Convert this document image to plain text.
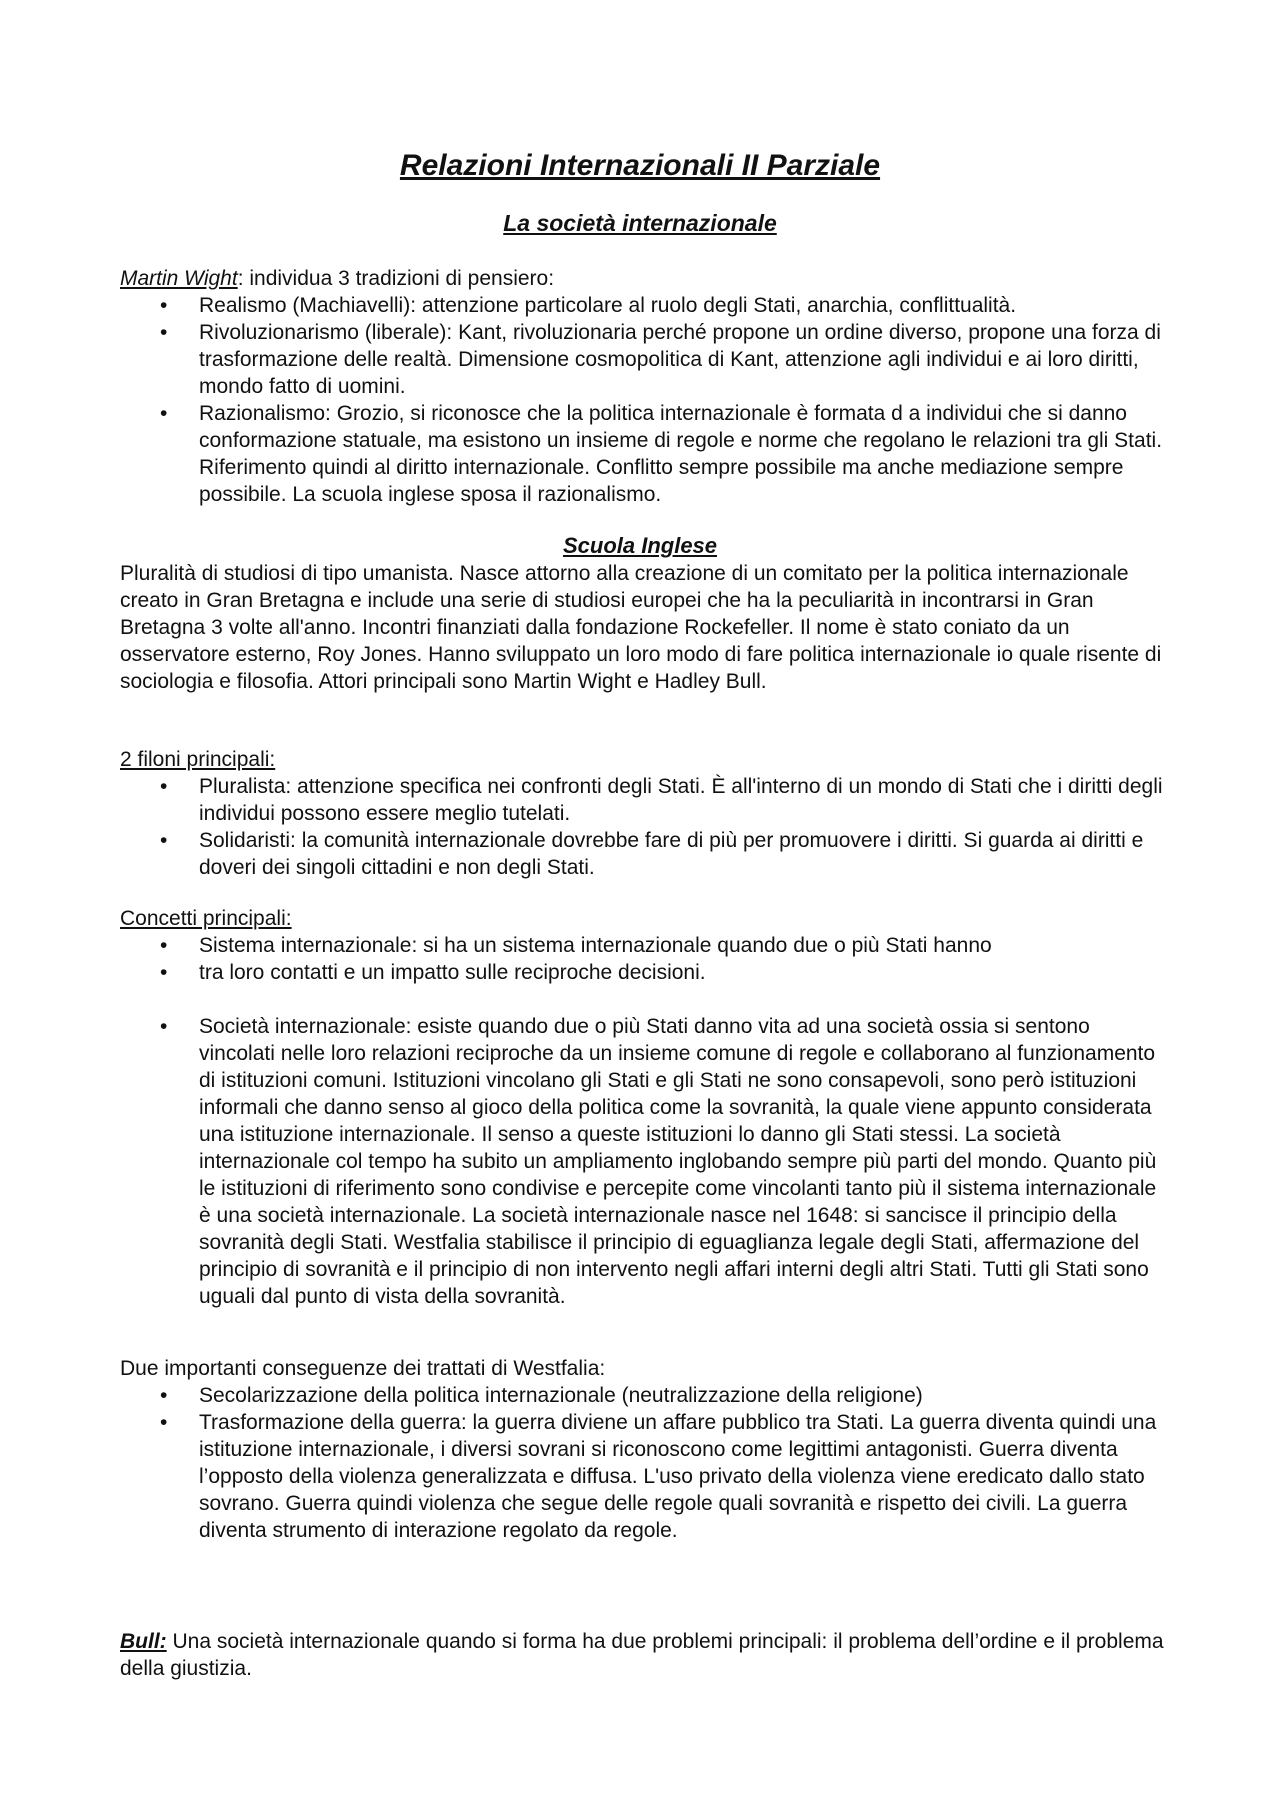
Relazioni Internazionali II Parziale
La società internazionale

Martin Wight: individua 3 tradizioni di pensiero:

• Realismo (Machiavelli): attenzione particolare al ruolo degli Stati, anarchia, conflittualità.
• Rivoluzionarismo (liberale): Kant, rivoluzionaria perché propone un ordine diverso, propone una forza di trasformazione delle realtà. Dimensione cosmopolitica di Kant, attenzione agli individui e ai loro diritti, mondo fatto di uomini.
• Razionalismo: Grozio, si riconosce che la politica internazionale è formata d a individui che si danno conformazione statuale, ma esistono un insieme di regole e norme che regolano le relazioni tra gli Stati. Riferimento quindi al diritto internazionale. Conflitto sempre possibile ma anche mediazione sempre possibile. La scuola inglese sposa il razionalismo.
Scuola Inglese

Pluralità di studiosi di tipo umanista. Nasce attorno alla creazione di un comitato per la politica internazionale creato in Gran Bretagna e include una serie di studiosi europei che ha la peculiarità in incontrarsi in Gran Bretagna 3 volte all'anno. Incontri finanziati dalla fondazione Rockefeller. Il nome è stato coniato da un osservatore esterno, Roy Jones. Hanno sviluppato un loro modo di fare politica internazionale io quale risente di sociologia e filosofia. Attori principali sono Martin Wight e Hadley Bull.

2 filoni principali:

• Pluralista: attenzione specifica nei confronti degli Stati. È all'interno di un mondo di Stati che i diritti degli individui possono essere meglio tutelati.
• Solidaristi: la comunità internazionale dovrebbe fare di più per promuovere i diritti. Si guarda ai diritti e doveri dei singoli cittadini e non degli Stati.

Concetti principali:

• Sistema internazionale: si ha un sistema internazionale quando due o più Stati hanno
• tra loro contatti e un impatto sulle reciproche decisioni.
• Società internazionale: esiste quando due o più Stati danno vita ad una società ossia si sentono vincolati nelle loro relazioni reciproche da un insieme comune di regole e collaborano al funzionamento di istituzioni comuni. Istituzioni vincolano gli Stati e gli Stati ne sono consapevoli, sono però istituzioni informali che danno senso al gioco della politica come la sovranità, la quale viene appunto considerata una istituzione internazionale. Il senso a queste istituzioni lo danno gli Stati stessi. La società internazionale col tempo ha subito un ampliamento inglobando sempre più parti del mondo. Quanto più le istituzioni di riferimento sono condivise e percepite come vincolanti tanto più il sistema internazionale è una società internazionale. La società internazionale nasce nel 1648: si sancisce il principio della sovranità degli Stati. Westfalia stabilisce il principio di eguaglianza legale degli Stati, affermazione del principio di sovranità e il principio di non intervento negli affari interni degli altri Stati. Tutti gli Stati sono uguali dal punto di vista della sovranità.

Due importanti conseguenze dei trattati di Westfalia:

• Secolarizzazione della politica internazionale (neutralizzazione della religione)
• Trasformazione della guerra: la guerra diviene un affare pubblico tra Stati. La guerra diventa quindi una istituzione internazionale, i diversi sovrani si riconoscono come legittimi antagonisti. Guerra diventa l’opposto della violenza generalizzata e diffusa. L'uso privato della violenza viene eredicato dallo stato sovrano. Guerra quindi violenza che segue delle regole quali sovranità e rispetto dei civili. La guerra diventa strumento di interazione regolato da regole.

Bull: Una società internazionale quando si forma ha due problemi principali: il problema dell’ordine e il problema della giustizia.
